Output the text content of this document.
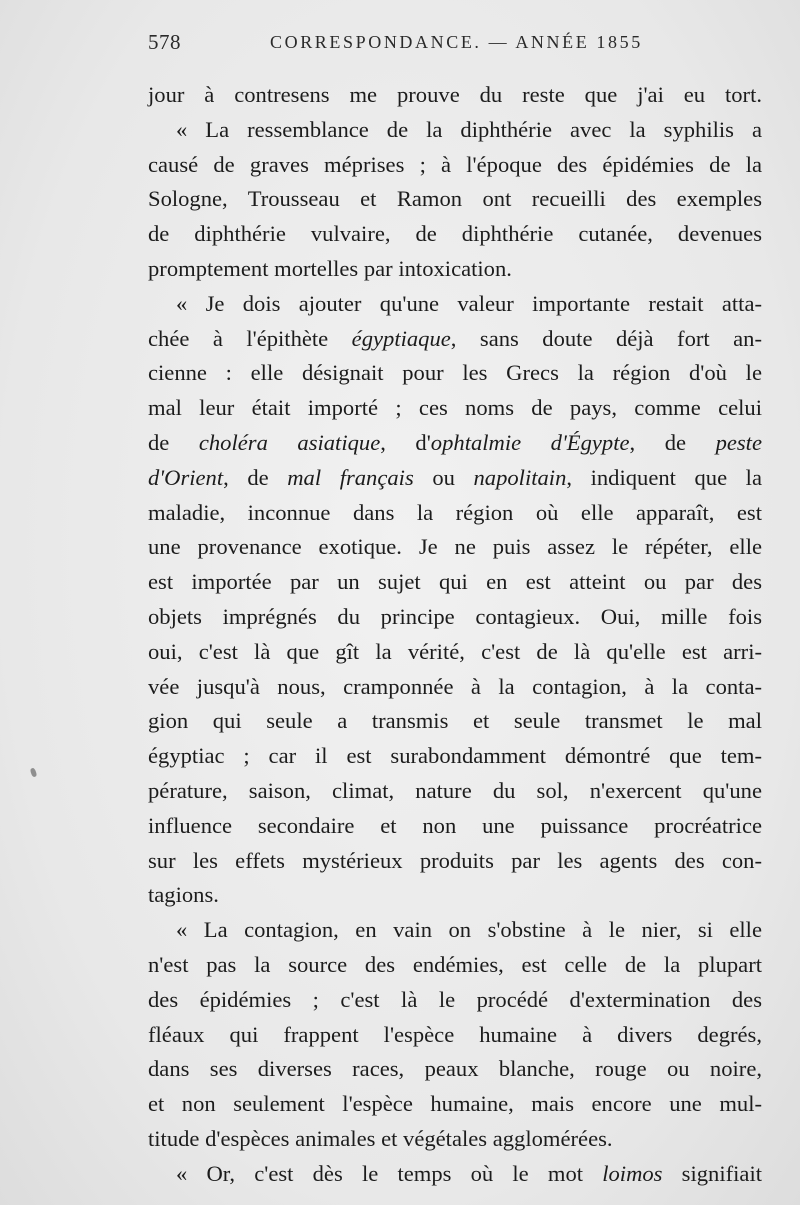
578	CORRESPONDANCE. — ANNÉE 1855
jour à contresens me prouve du reste que j'ai eu tort.
« La ressemblance de la diphthérie avec la syphilis a
causé de graves méprises ; à l'époque des épidémies de la
Sologne, Trousseau et Ramon ont recueilli des exemples
de diphthérie vulvaire, de diphthérie cutanée, devenues
promptement mortelles par intoxication.
« Je dois ajouter qu'une valeur importante restait atta-
chée à l'épithète égyptiaque, sans doute déjà fort an-
cienne : elle désignait pour les Grecs la région d'où le
mal leur était importé ; ces noms de pays, comme celui
de choléra asiatique, d'ophtalmie d'Égypte, de peste
d'Orient, de mal français ou napolitain, indiquent que la
maladie, inconnue dans la région où elle apparaît, est
une provenance exotique. Je ne puis assez le répéter, elle
est importée par un sujet qui en est atteint ou par des
objets imprégnés du principe contagieux. Oui, mille fois
oui, c'est là que gît la vérité, c'est de là qu'elle est arri-
vée jusqu'à nous, cramponnée à la contagion, à la conta-
gion qui seule a transmis et seule transmet le mal
égyptiac ; car il est surabondamment démontré que tem-
pérature, saison, climat, nature du sol, n'exercent qu'une
influence secondaire et non une puissance procréatrice
sur les effets mystérieux produits par les agents des con-
tagions.
« La contagion, en vain on s'obstine à le nier, si elle
n'est pas la source des endémies, est celle de la plupart
des épidémies ; c'est là le procédé d'extermination des
fléaux qui frappent l'espèce humaine à divers degrés,
dans ses diverses races, peaux blanche, rouge ou noire,
et non seulement l'espèce humaine, mais encore une mul-
titude d'espèces animales et végétales agglomérées.
« Or, c'est dès le temps où le mot loimos signifiait
